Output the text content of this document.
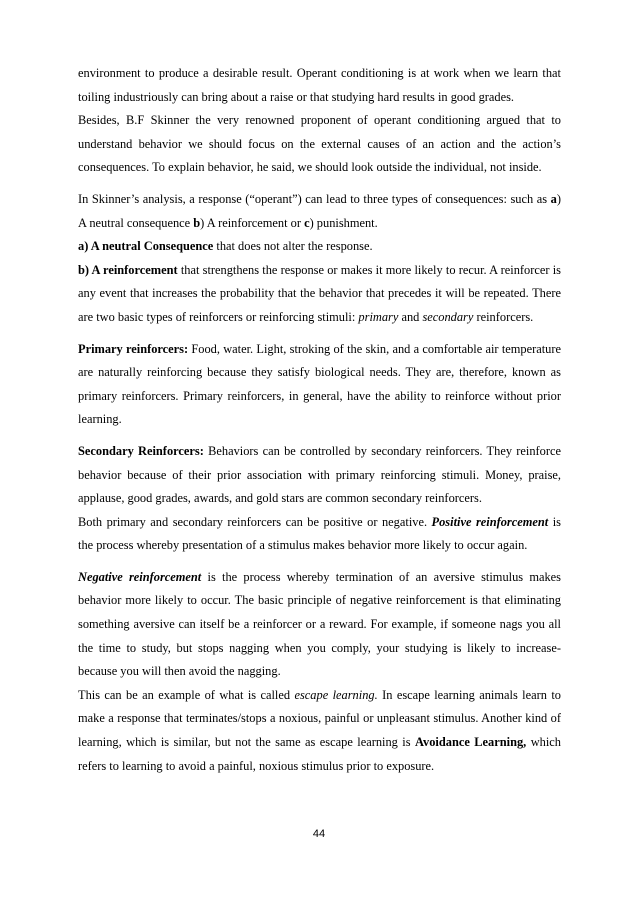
environment to produce a desirable result. Operant conditioning is at work when we learn that toiling industriously can bring about a raise or that studying hard results in good grades.

Besides, B.F Skinner the very renowned proponent of operant conditioning argued that to understand behavior we should focus on the external causes of an action and the action’s consequences. To explain behavior, he said, we should look outside the individual, not inside.

In Skinner’s analysis, a response (“operant”) can lead to three types of consequences: such as a) A neutral consequence b) A reinforcement or c) punishment.

a) A neutral Consequence that does not alter the response.

b) A reinforcement that strengthens the response or makes it more likely to recur. A reinforcer is any event that increases the probability that the behavior that precedes it will be repeated. There are two basic types of reinforcers or reinforcing stimuli: primary and secondary reinforcers.

Primary reinforcers: Food, water. Light, stroking of the skin, and a comfortable air temperature are naturally reinforcing because they satisfy biological needs. They are, therefore, known as primary reinforcers. Primary reinforcers, in general, have the ability to reinforce without prior learning.

Secondary Reinforcers: Behaviors can be controlled by secondary reinforcers. They reinforce behavior because of their prior association with primary reinforcing stimuli. Money, praise, applause, good grades, awards, and gold stars are common secondary reinforcers.

Both primary and secondary reinforcers can be positive or negative. Positive reinforcement is the process whereby presentation of a stimulus makes behavior more likely to occur again.

Negative reinforcement is the process whereby termination of an aversive stimulus makes behavior more likely to occur. The basic principle of negative reinforcement is that eliminating something aversive can itself be a reinforcer or a reward. For example, if someone nags you all the time to study, but stops nagging when you comply, your studying is likely to increase- because you will then avoid the nagging.

This can be an example of what is called escape learning. In escape learning animals learn to make a response that terminates/stops a noxious, painful or unpleasant stimulus. Another kind of learning, which is similar, but not the same as escape learning is Avoidance Learning, which refers to learning to avoid a painful, noxious stimulus prior to exposure.

44
